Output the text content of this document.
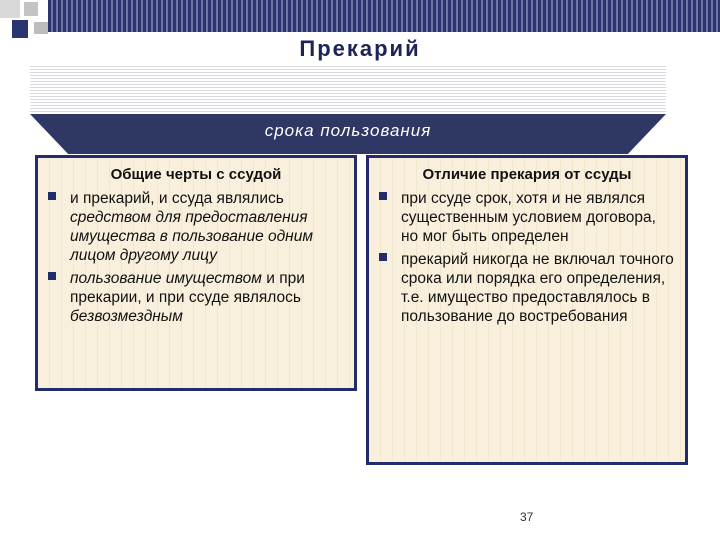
Прекарий
срока пользования
Общие черты с ссудой
и прекарий, и ссуда являлись средством для предоставления имущества в пользование одним лицом другому лицу
пользование имуществом и при прекарии, и при ссуде являлось безвозмездным
Отличие прекария от ссуды
при ссуде срок, хотя и не являлся существенным условием договора, но мог быть определен
прекарий никогда не включал точного срока или порядка его определения, т.е. имущество предоставлялось в пользование до востребования
37
